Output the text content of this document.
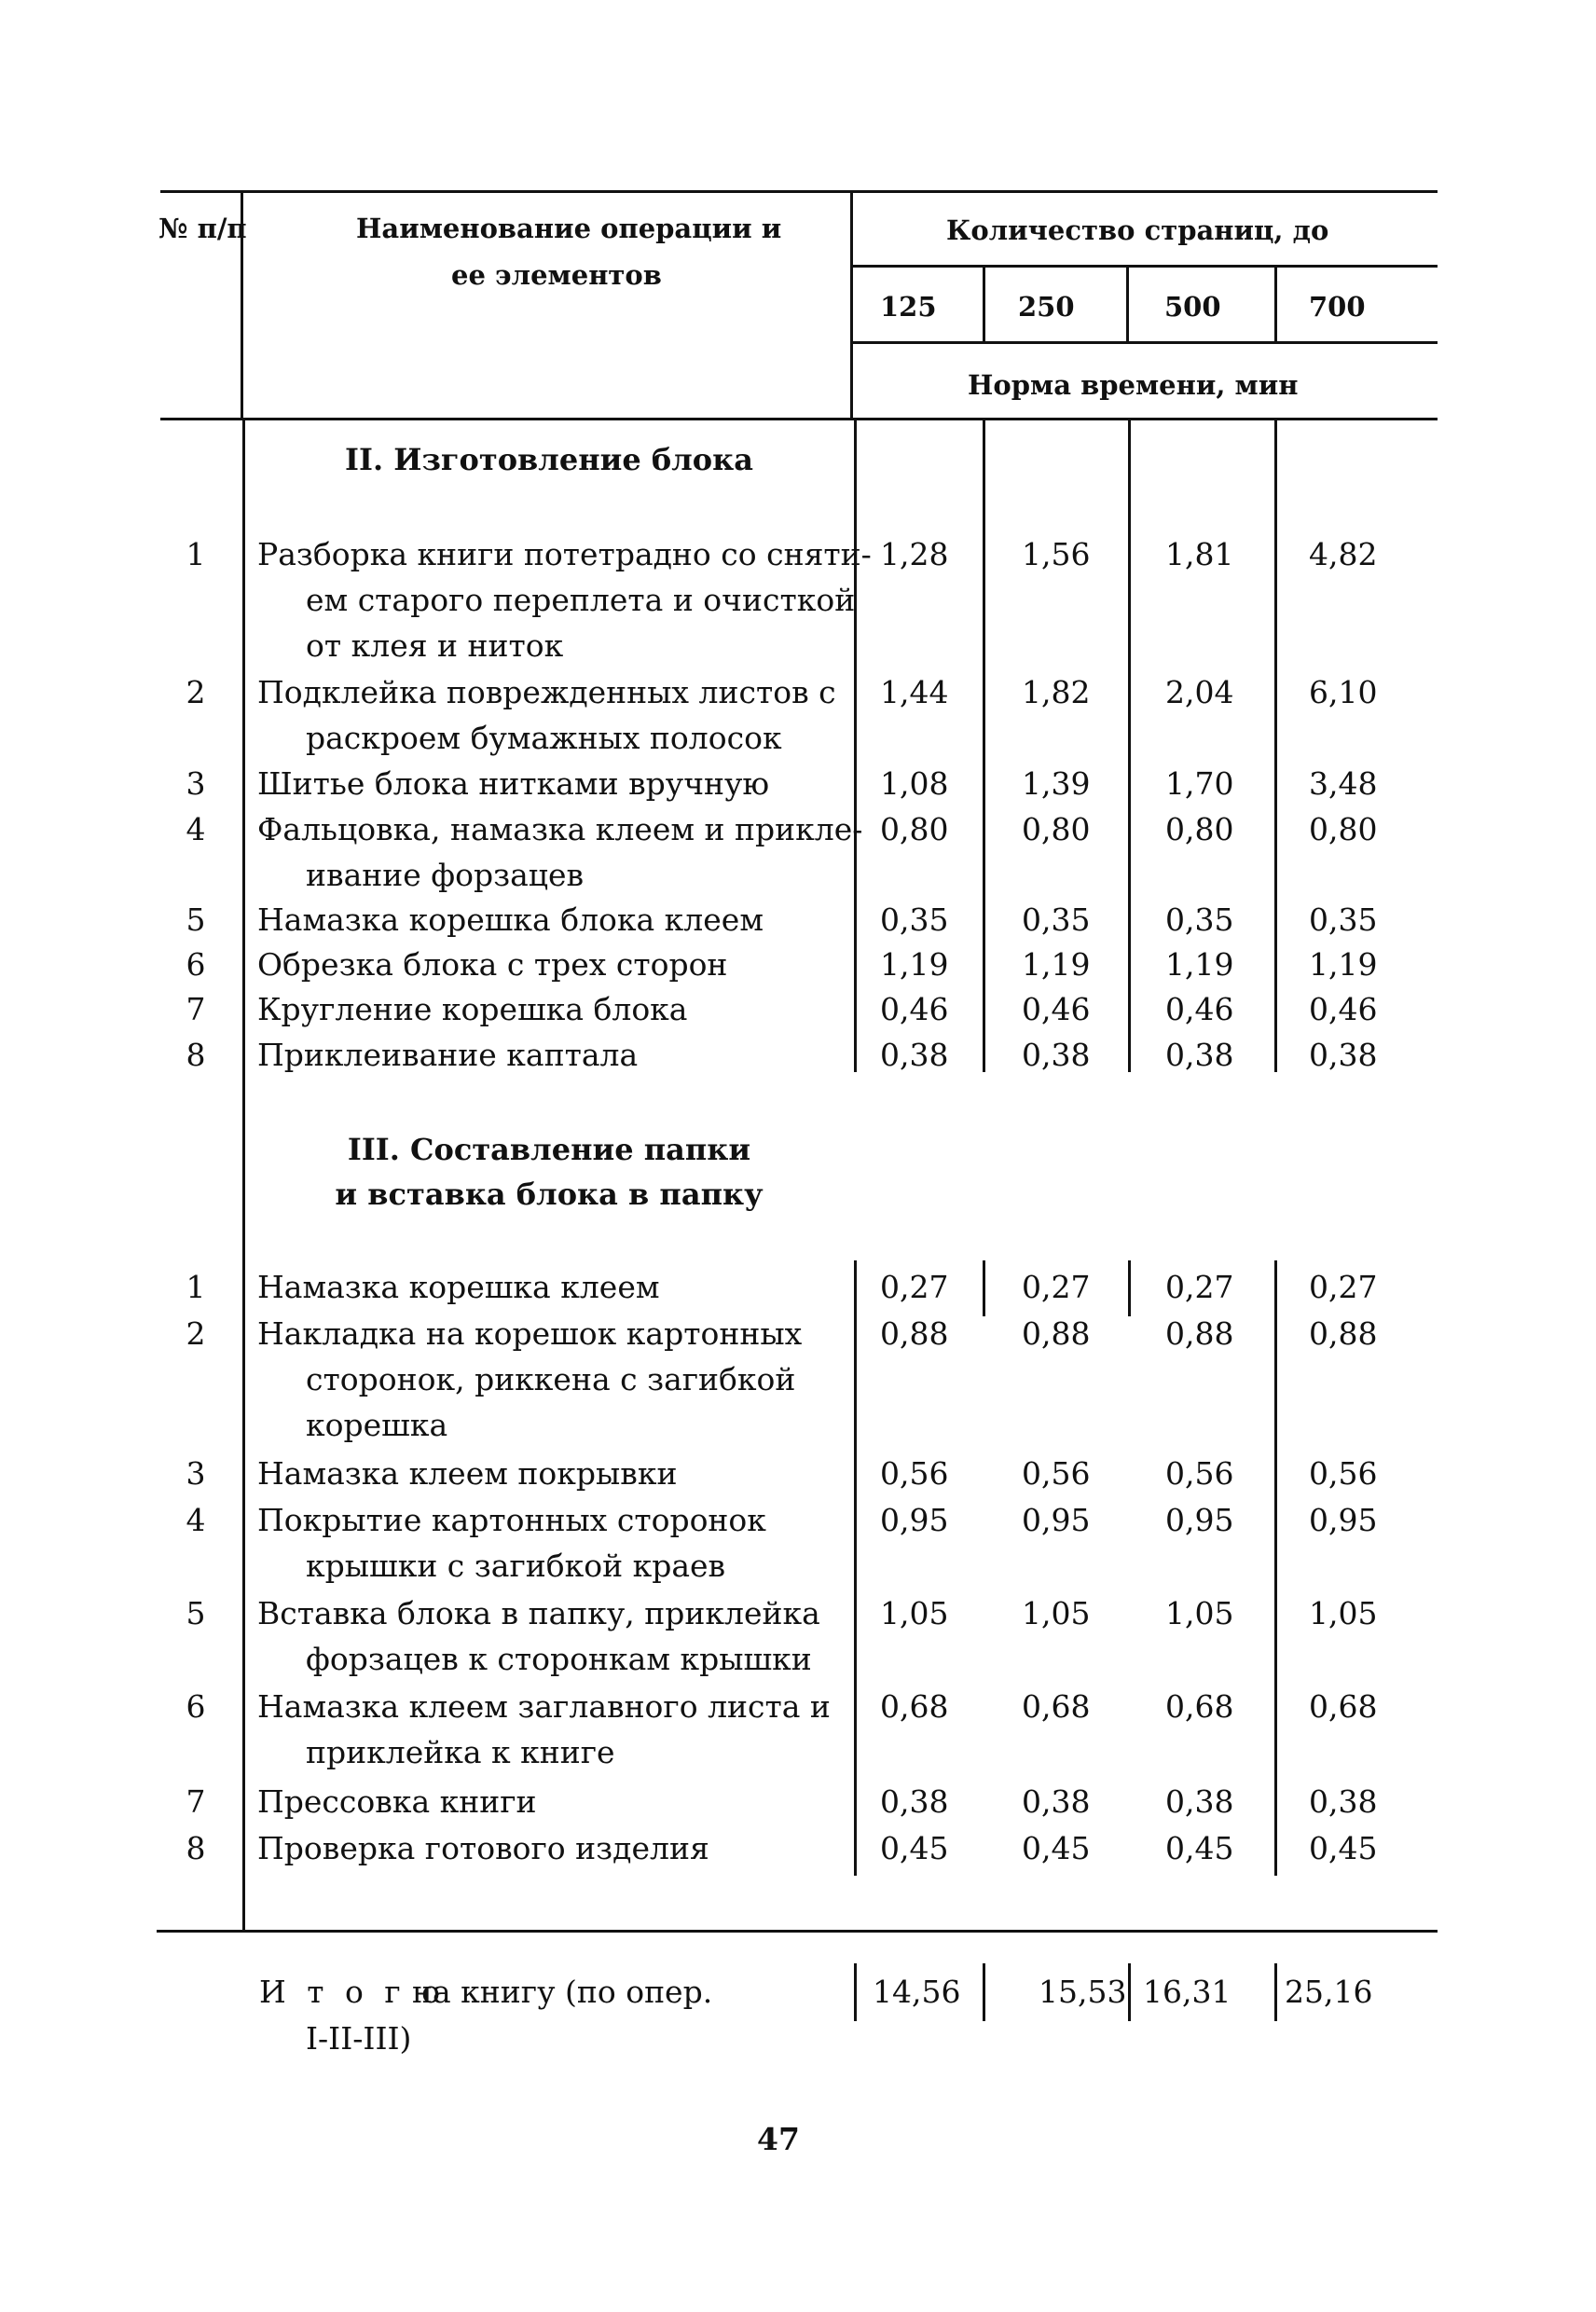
№ п/п	Наименование операции и
ее элементов
Количество страниц, до
125	250	500	700
Норма времени, мин
II. Изготовление блока
1	Разборка книги потетрадно со сняти-
ем старого переплета и очисткой
от клея и ниток
1,28 1,56 1,81 4,82
2	Подклейка поврежденных листов с
раскроем бумажных полосок
1,44 1,82 2,04 6,10
3	Шитье блока нитками вручную	1,08 1,39 1,70 3,48
4	Фальцовка, намазка клеем и прикле-
ивание форзацев
0,80 0,80 0,80 0,80
5	Намазка корешка блока клеем	0,35 0,35 0,35 0,35
6	Обрезка блока с трех сторон	1,19 1,19 1,19 1,19
7	Кругление корешка блока	0,46 0,46 0,46 0,46
8	Приклеивание каптала	0,38 0,38 0,38 0,38
III. Составление папки
и вставка блока в папку
1	Намазка корешка клеем	0,27 0,27 0,27 0,27
2	Накладка на корешок картонных
сторонок, риккена с загибкой
корешка
0,88 0,88 0,88 0,88
3	Намазка клеем покрывки	0,56 0,56 0,56 0,56
4	Покрытие картонных сторонок
крышки с загибкой краев
0,95 0,95 0,95 0,95
5	Вставка блока в папку, приклейка
форзацев к сторонкам крышки
1,05 1,05 1,05 1,05
6	Намазка клеем заглавного листа и
приклейка к книге
0,68 0,68 0,68 0,68
7	Прессовка книги	0,38 0,38 0,38 0,38
8	Проверка готового изделия	0,45 0,45 0,45 0,45
И т о г о
на книгу (по опер.
I-II-III)
14,56	15,53 16,31 25,16
47
